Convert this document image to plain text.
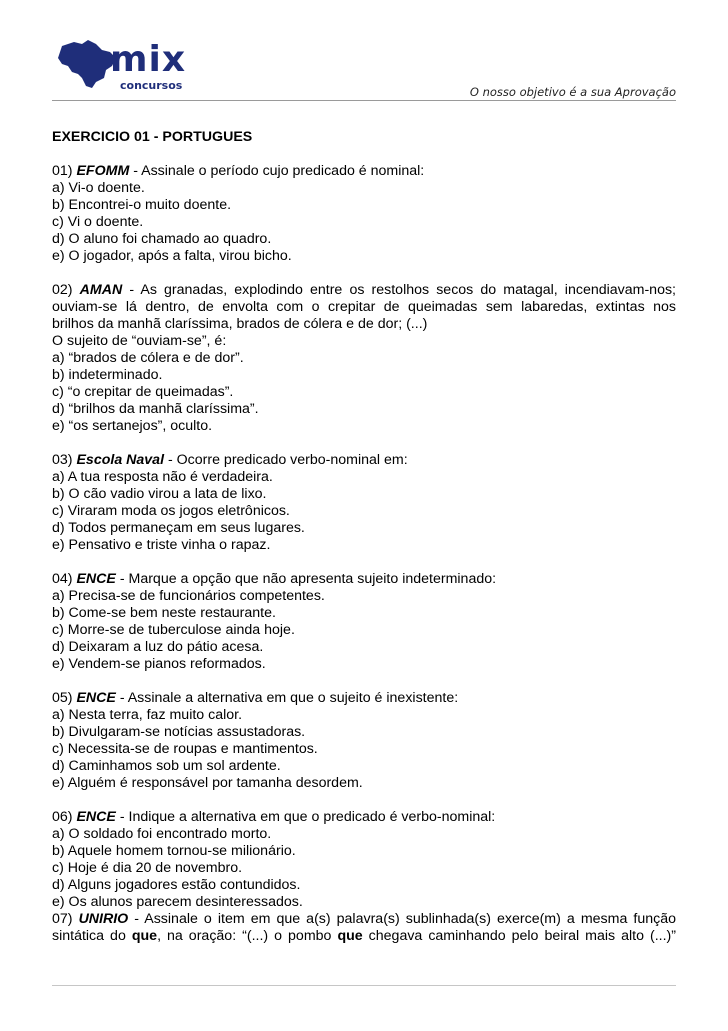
mix
concursos	O nosso objetivo é a sua Aprovação
EXERCICIO 01 - PORTUGUES
01) EFOMM - Assinale o período cujo predicado é nominal:
a) Vi-o doente.
b) Encontrei-o muito doente.
c) Vi o doente.
d) O aluno foi chamado ao quadro.
e) O jogador, após a falta, virou bicho.
02) AMAN - As granadas, explodindo entre os restolhos secos do matagal, incendiavam-nos;
ouviam-se lá dentro, de envolta com o crepitar de queimadas sem labaredas, extintas nos
brilhos da manhã claríssima, brados de cólera e de dor; (...)
O sujeito de “ouviam-se”, é:
a) “brados de cólera e de dor”.
b) indeterminado.
c) “o crepitar de queimadas”.
d) “brilhos da manhã claríssima”.
e) “os sertanejos”, oculto.
03) Escola Naval - Ocorre predicado verbo-nominal em:
a) A tua resposta não é verdadeira.
b) O cão vadio virou a lata de lixo.
c) Viraram moda os jogos eletrônicos.
d) Todos permaneçam em seus lugares.
e) Pensativo e triste vinha o rapaz.
04) ENCE - Marque a opção que não apresenta sujeito indeterminado:
a) Precisa-se de funcionários competentes.
b) Come-se bem neste restaurante.
c) Morre-se de tuberculose ainda hoje.
d) Deixaram a luz do pátio acesa.
e) Vendem-se pianos reformados.
05) ENCE - Assinale a alternativa em que o sujeito é inexistente:
a) Nesta terra, faz muito calor.
b) Divulgaram-se notícias assustadoras.
c) Necessita-se de roupas e mantimentos.
d) Caminhamos sob um sol ardente.
e) Alguém é responsável por tamanha desordem.
06) ENCE - Indique a alternativa em que o predicado é verbo-nominal:
a) O soldado foi encontrado morto.
b) Aquele homem tornou-se milionário.
c) Hoje é dia 20 de novembro.
d) Alguns jogadores estão contundidos.
e) Os alunos parecem desinteressados.
07) UNIRIO - Assinale o item em que a(s) palavra(s) sublinhada(s) exerce(m) a mesma função
sintática do que, na oração: “(...) o pombo que chegava caminhando pelo beiral mais alto (...)”
